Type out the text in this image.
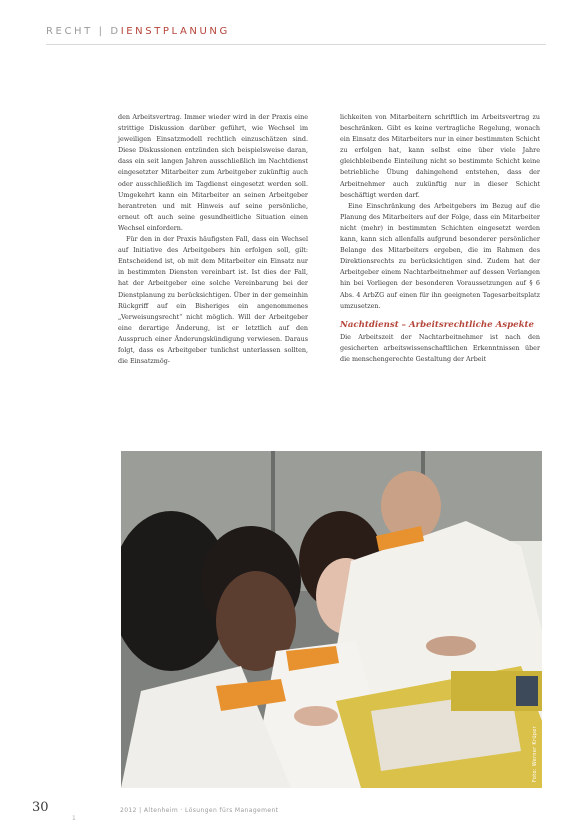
RECHT | DIENSTPLANUNG

den Arbeitsvertrag. Immer wieder wird in der Praxis eine strittige Diskussion darüber geführt, wie Wechsel im jeweiligen Einsatzmodell rechtlich einzuschätzen sind. Diese Diskussionen entzünden sich beispielsweise daran, dass ein seit langen Jahren ausschließlich im Nachtdienst eingesetzter Mitarbeiter zum Arbeitgeber zukünftig auch oder ausschließlich im Tagdienst eingesetzt werden soll. Umgekehrt kann ein Mitarbeiter an seinen Arbeitgeber herantreten und mit Hinweis auf seine persönliche, erneut oft auch seine gesundheitliche Situation einen Wechsel einfordern.

Für den in der Praxis häufigsten Fall, dass ein Wechsel auf Initiative des Arbeitgebers hin erfolgen soll, gilt: Entscheidend ist, ob mit dem Mitarbeiter ein Einsatz nur in bestimmten Diensten vereinbart ist. Ist dies der Fall, hat der Arbeitgeber eine solche Vereinbarung bei der Dienstplanung zu berücksichtigen. Über in der gemeinhin Rückgriff auf ein Bisheriges ein angenommenes „Verweisungsrecht“ nicht möglich. Will der Arbeitgeber eine derartige Änderung, ist er letztlich auf den Ausspruch einer Änderungskündigung verwiesen. Daraus folgt, dass es Arbeitgeber tunlichst unterlassen sollten, die Einsatzmög-

lichkeiten von Mitarbeitern schriftlich im Arbeitsvertrag zu beschränken. Gibt es keine vertragliche Regelung, wonach ein Einsatz des Mitarbeiters nur in einer bestimmten Schicht zu erfolgen hat, kann selbst eine über viele Jahre gleichbleibende Einteilung nicht so bestimmte Schicht keine betriebliche Übung dahingehend entstehen, dass der Arbeitnehmer auch zukünftig nur in dieser Schicht beschäftigt werden darf.

Eine Einschränkung des Arbeitgebers im Bezug auf die Planung des Mitarbeiters auf der Folge, dass ein Mitarbeiter nicht (mehr) in bestimmten Schichten eingesetzt werden kann, kann sich allenfalls aufgrund besonderer persönlicher Belange des Mitarbeiters ergeben, die im Rahmen des Direktionsrechts zu berücksichtigen sind. Zudem hat der Arbeitgeber einem Nachtarbeitnehmer auf dessen Verlangen hin bei Vorliegen der besonderen Voraussetzungen auf § 6 Abs. 4 ArbZG auf einen für ihn geeigneten Tagesarbeitsplatz umzusetzen.

Nachtdienst – Arbeitsrechtliche Aspekte

Die Arbeitszeit der Nachtarbeitnehmer ist nach den gesicherten arbeitswissenschaftlichen Erkenntnissen über die menschengerechte Gestaltung der Arbeit

Foto: Werner Krüper
30
1
2012 | Altenheim · Lösungen fürs Management
